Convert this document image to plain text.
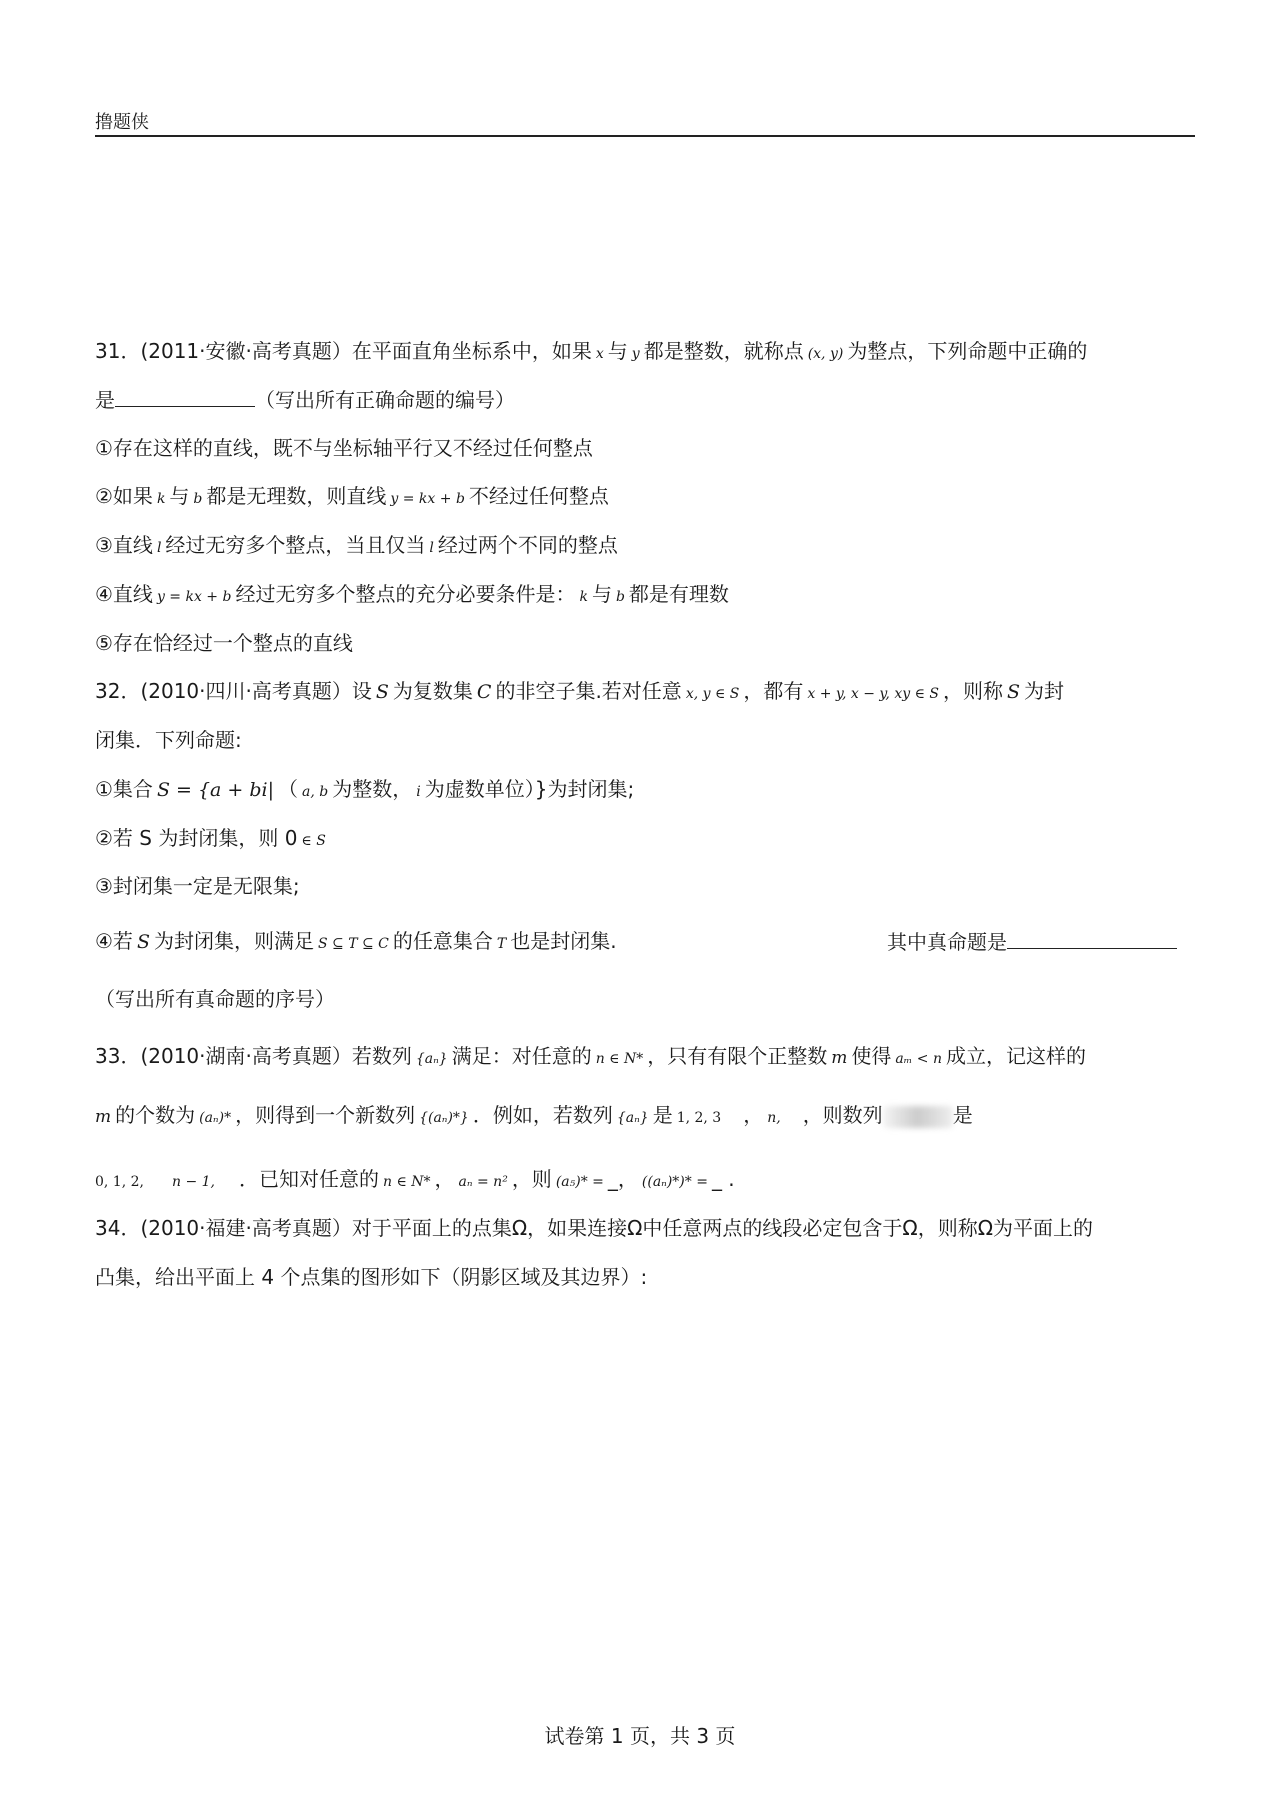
撸题侠
31．(2011·安徽·高考真题）在平面直角坐标系中，如果 x 与 y 都是整数，就称点 (x, y) 为整点，下列命题中正确的
是	（写出所有正确命题的编号）
①存在这样的直线，既不与坐标轴平行又不经过任何整点
②如果 k 与 b 都是无理数，则直线 y = kx + b 不经过任何整点
③直线 l 经过无穷多个整点，当且仅当 l 经过两个不同的整点
④直线 y = kx + b 经过无穷多个整点的充分必要条件是： k 与 b 都是有理数
⑤存在恰经过一个整点的直线
32．(2010·四川·高考真题）设 S 为复数集 C 的非空子集.若对任意 x, y ∈ S ，都有 x + y, x − y, xy ∈ S ，则称 S 为封
闭集．下列命题:
①集合 S = {a + bi| （ a, b 为整数， i 为虚数单位）}为封闭集;
②若 S 为封闭集，则 0 ∈ S
③封闭集一定是无限集;
④若 S 为封闭集，则满足 S ⊆ T ⊆ C 的任意集合 T 也是封闭集.	其中真命题是
（写出所有真命题的序号）
33．(2010·湖南·高考真题）若数列 {aₙ} 满足：对任意的 n ∈ N* ，只有有限个正整数 m 使得 aₘ < n 成立，记这样的
m 的个数为 (aₙ)* ，则得到一个新数列 {(aₙ)*} ．例如，若数列 {aₙ} 是 1, 2, 3 ， n, ，则数列	是
0, 1, 2, n − 1, ．已知对任意的 n ∈ N* ， aₙ = n² ，则 (a₅)* = _， ((aₙ)*)* = _ .
34．(2010·福建·高考真题）对于平面上的点集Ω，如果连接Ω中任意两点的线段必定包含于Ω，则称Ω为平面上的
凸集，给出平面上 4 个点集的图形如下（阴影区域及其边界）:
试卷第 1 页，共 3 页
